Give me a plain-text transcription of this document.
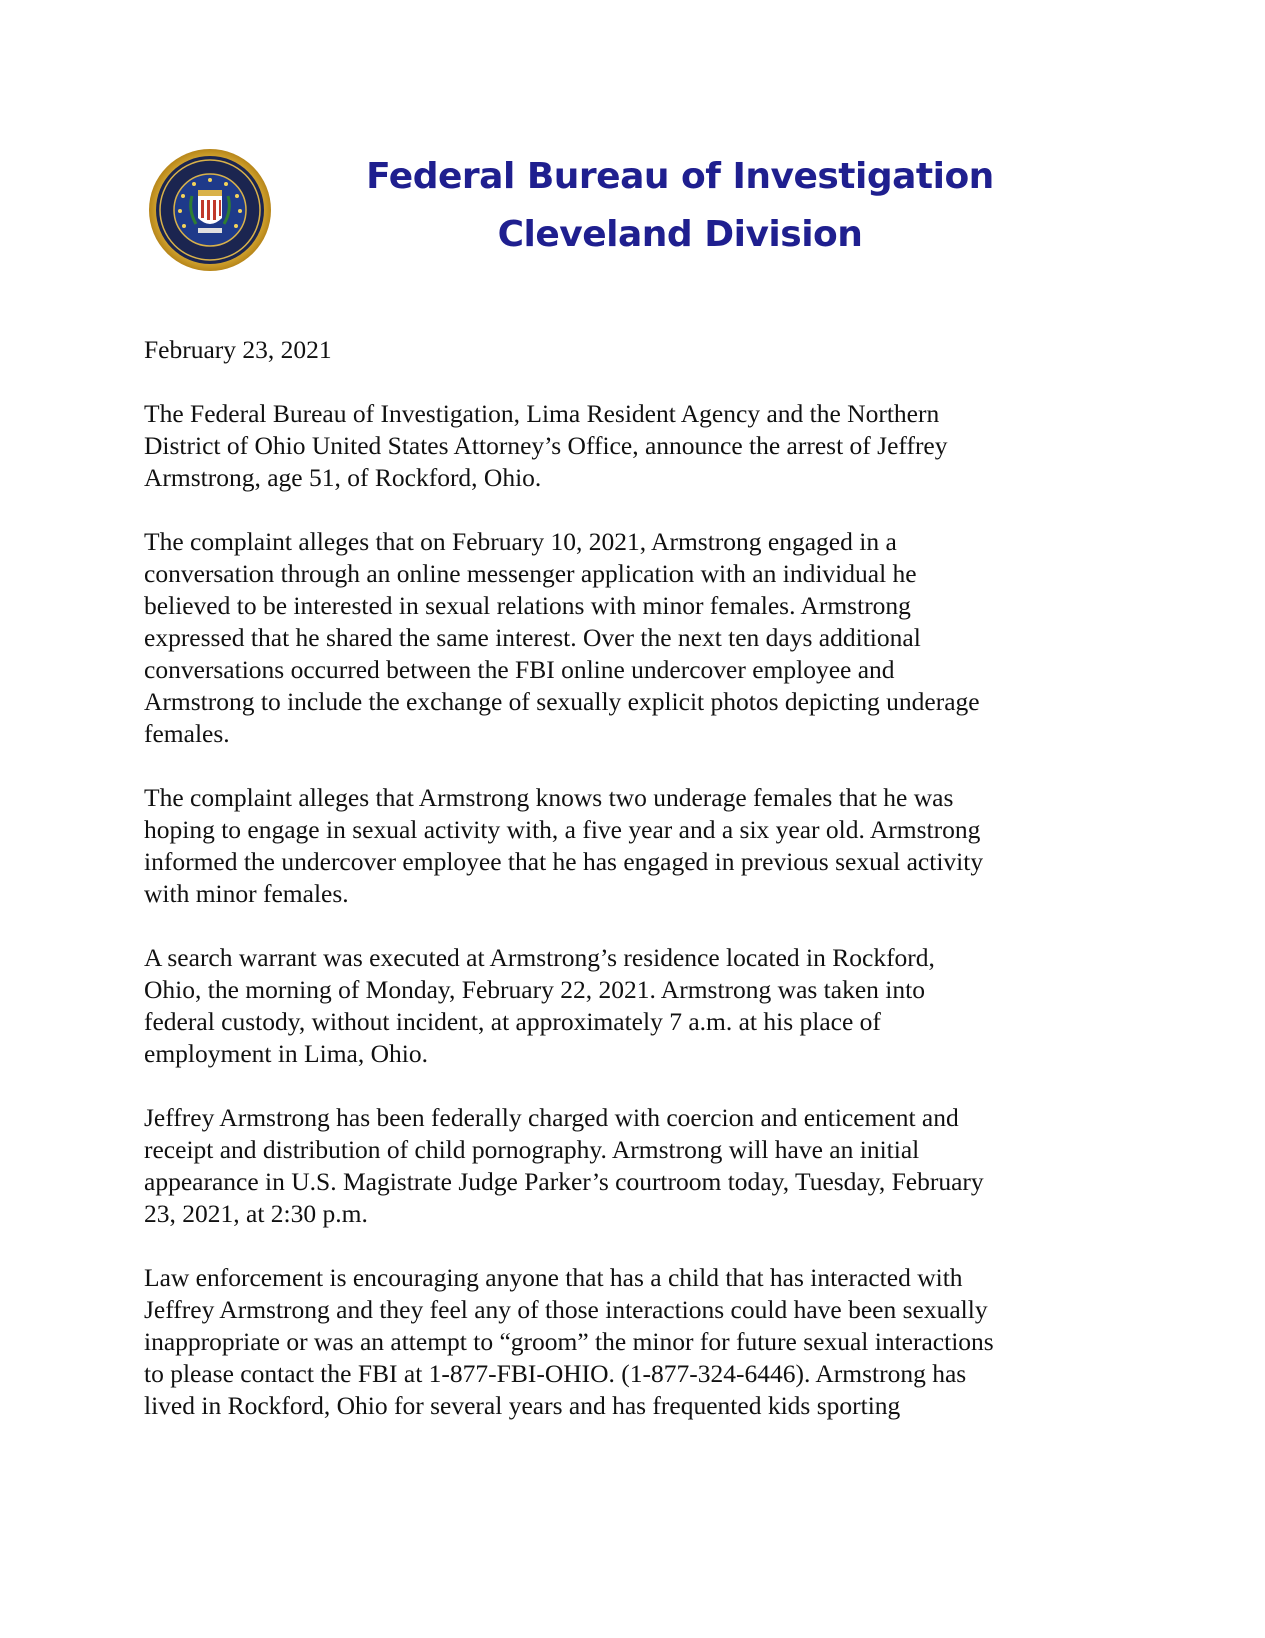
Federal Bureau of Investigation
Cleveland Division

February 23, 2021

The Federal Bureau of Investigation, Lima Resident Agency and the Northern
District of Ohio United States Attorney’s Office, announce the arrest of Jeffrey
Armstrong, age 51, of Rockford, Ohio.

The complaint alleges that on February 10, 2021, Armstrong engaged in a
conversation through an online messenger application with an individual he
believed to be interested in sexual relations with minor females. Armstrong
expressed that he shared the same interest. Over the next ten days additional
conversations occurred between the FBI online undercover employee and
Armstrong to include the exchange of sexually explicit photos depicting underage
females.

The complaint alleges that Armstrong knows two underage females that he was
hoping to engage in sexual activity with, a five year and a six year old. Armstrong
informed the undercover employee that he has engaged in previous sexual activity
with minor females.

A search warrant was executed at Armstrong’s residence located in Rockford,
Ohio, the morning of Monday, February 22, 2021. Armstrong was taken into
federal custody, without incident, at approximately 7 a.m. at his place of
employment in Lima, Ohio.

Jeffrey Armstrong has been federally charged with coercion and enticement and
receipt and distribution of child pornography. Armstrong will have an initial
appearance in U.S. Magistrate Judge Parker’s courtroom today, Tuesday, February
23, 2021, at 2:30 p.m.

Law enforcement is encouraging anyone that has a child that has interacted with
Jeffrey Armstrong and they feel any of those interactions could have been sexually
inappropriate or was an attempt to “groom” the minor for future sexual interactions
to please contact the FBI at 1-877-FBI-OHIO. (1-877-324-6446). Armstrong has
lived in Rockford, Ohio for several years and has frequented kids sporting
